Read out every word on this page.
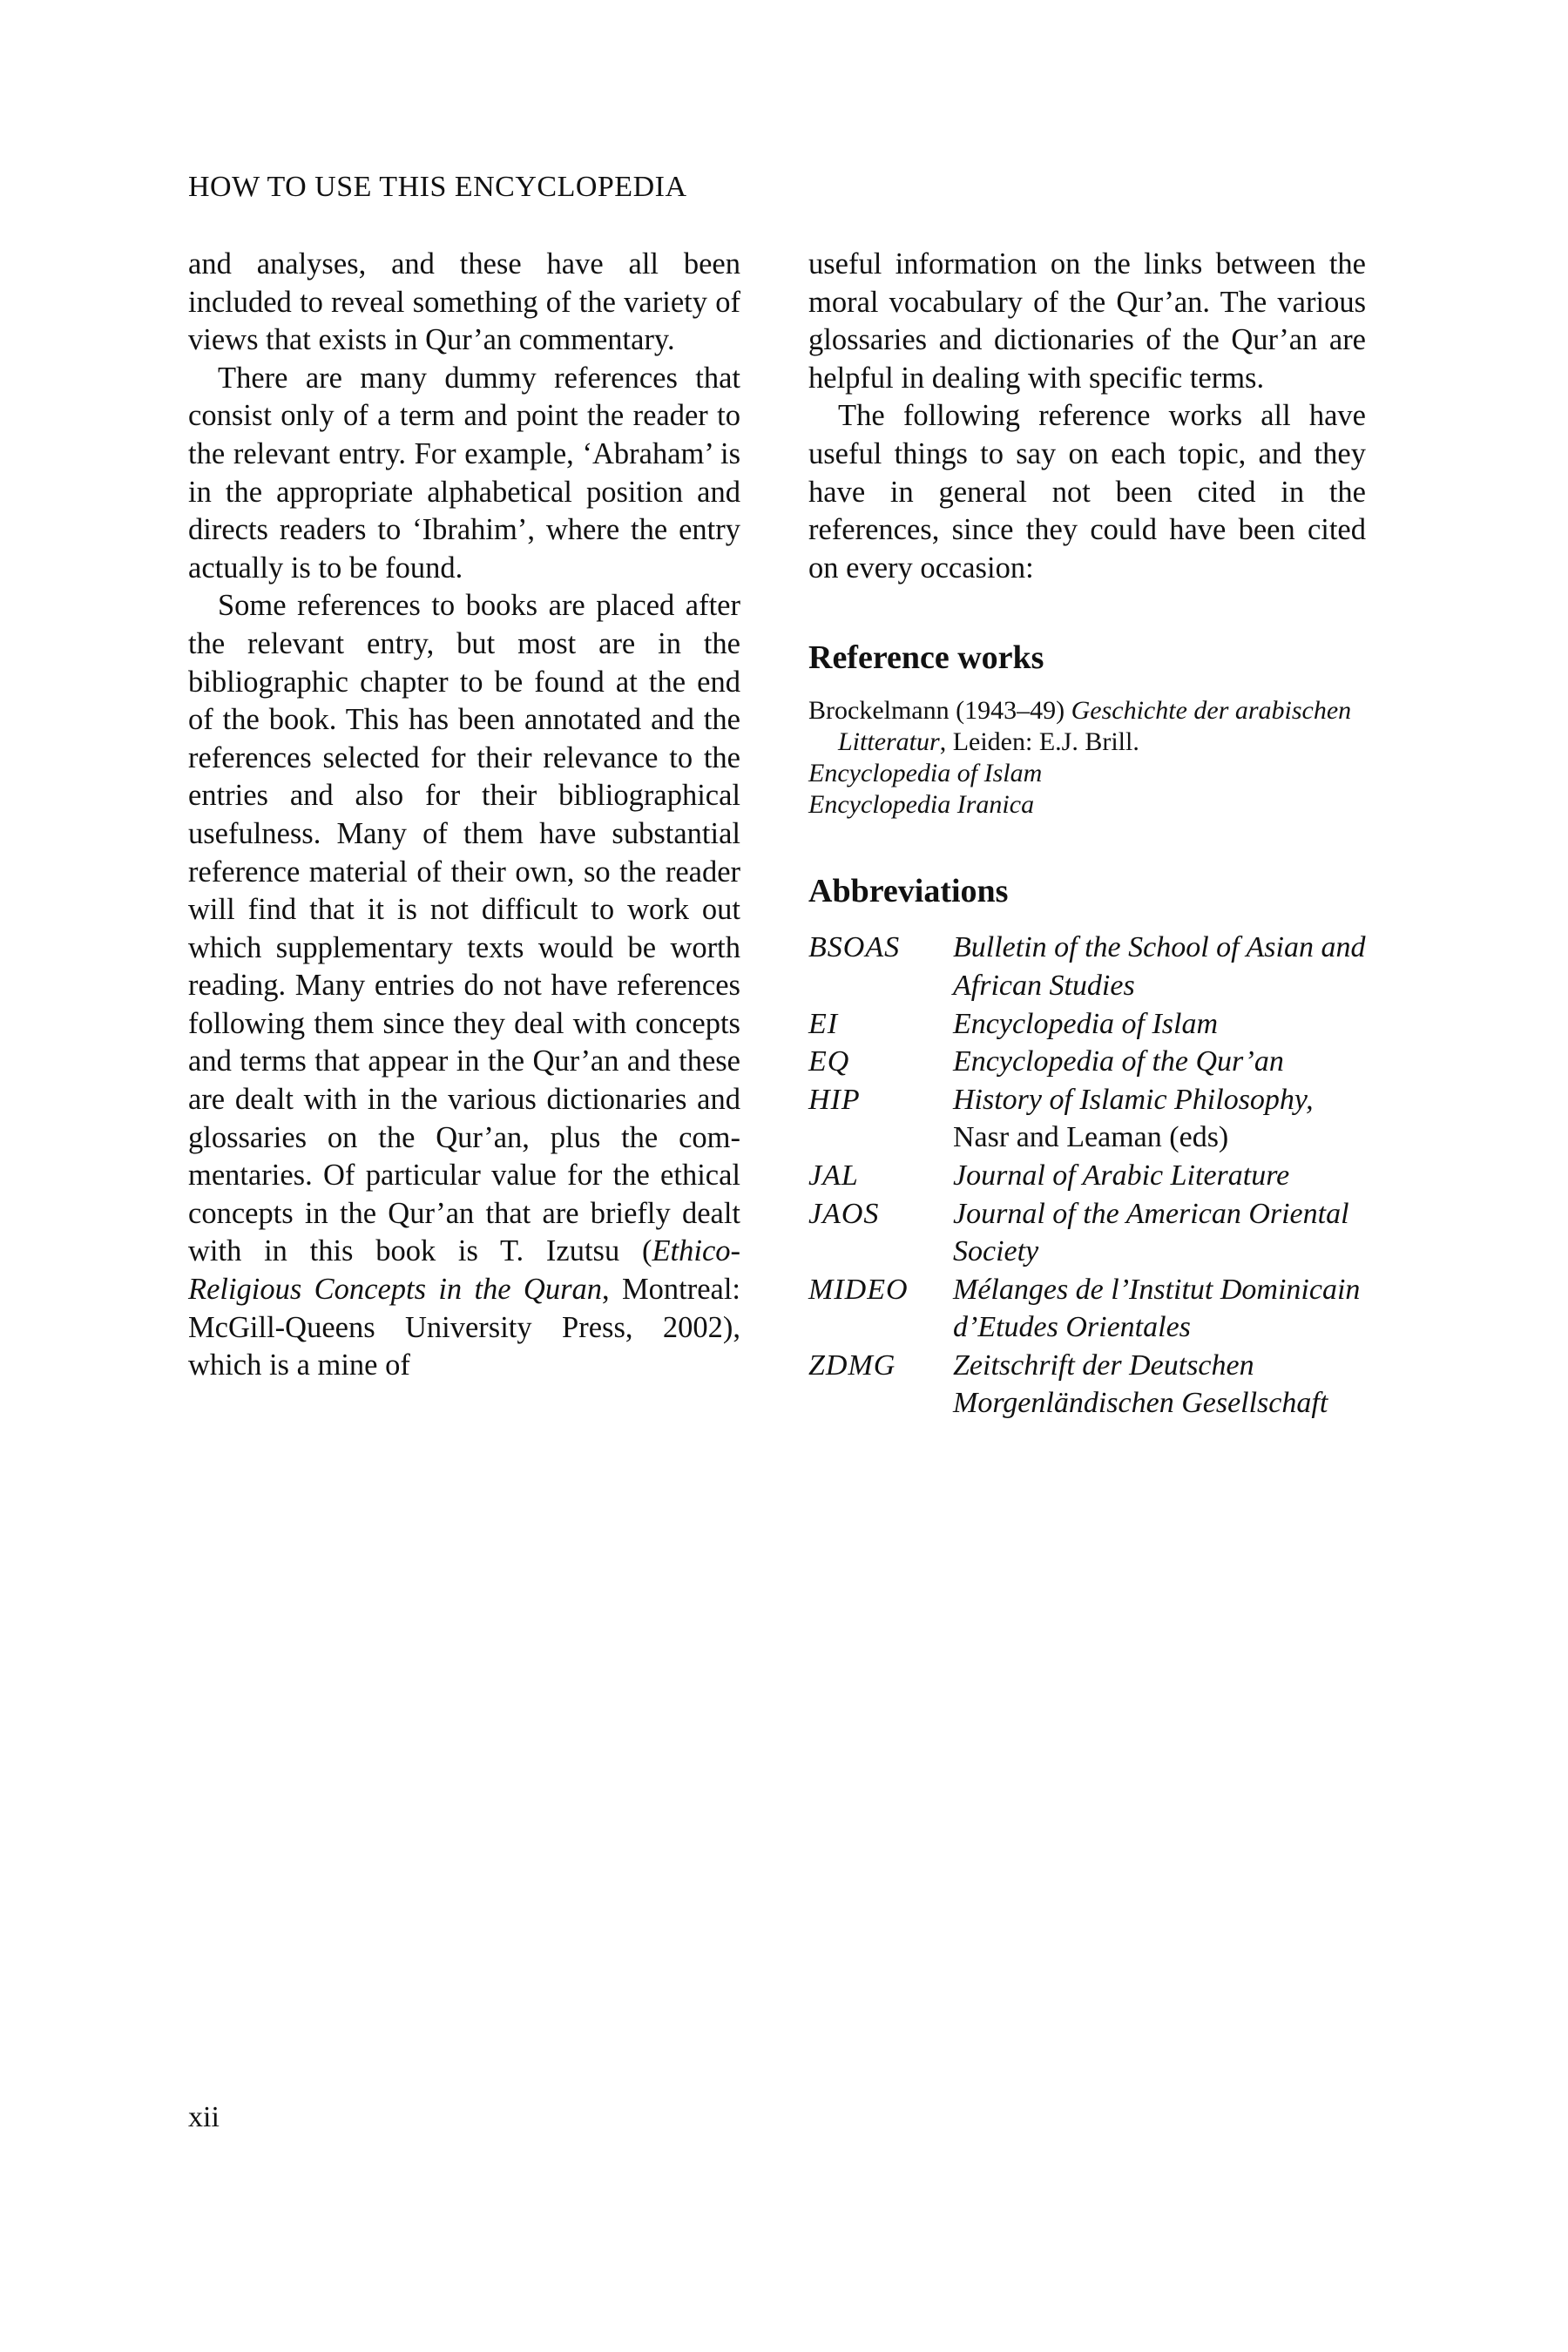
HOW TO USE THIS ENCYCLOPEDIA

and analyses, and these have all been included to reveal something of the variety of views that exists in Qur’an commentary.

There are many dummy references that consist only of a term and point the reader to the relevant entry. For example, ‘Abraham’ is in the appropriate alphabetical position and directs readers to ‘Ibrahim’, where the entry actually is to be found.

Some references to books are placed after the relevant entry, but most are in the bibliographic chapter to be found at the end of the book. This has been annotated and the references selected for their relevance to the entries and also for their bibliographical usefulness. Many of them have substantial reference material of their own, so the reader will find that it is not difficult to work out which supplementary texts would be worth reading. Many entries do not have references following them since they deal with concepts and terms that appear in the Qur’an and these are dealt with in the various dictionaries and glossaries on the Qur’an, plus the commentaries. Of particular value for the ethical concepts in the Qur’an that are briefly dealt with in this book is T. Izutsu (Ethico-Religious Concepts in the Quran, Montreal: McGill-Queens University Press, 2002), which is a mine of

useful information on the links between the moral vocabulary of the Qur’an. The various glossaries and dictionaries of the Qur’an are helpful in dealing with specific terms.

The following reference works all have useful things to say on each topic, and they have in general not been cited in the references, since they could have been cited on every occasion:

Reference works
Brockelmann (1943–49) Geschichte der arabischen Litteratur, Leiden: E.J. Brill.
Encyclopedia of Islam
Encyclopedia Iranica
Abbreviations
BSOAS	Bulletin of the School of Asian and African Studies
EI	Encyclopedia of Islam
EQ	Encyclopedia of the Qur’an
HIP	History of Islamic Philosophy,
Nasr and Leaman (eds)
JAL	Journal of Arabic Literature
JAOS	Journal of the American Oriental Society
MIDEO	Mélanges de l’Institut Dominicain d’Etudes Orientales
ZDMG	Zeitschrift der Deutschen Morgenländischen Gesellschaft
xii
